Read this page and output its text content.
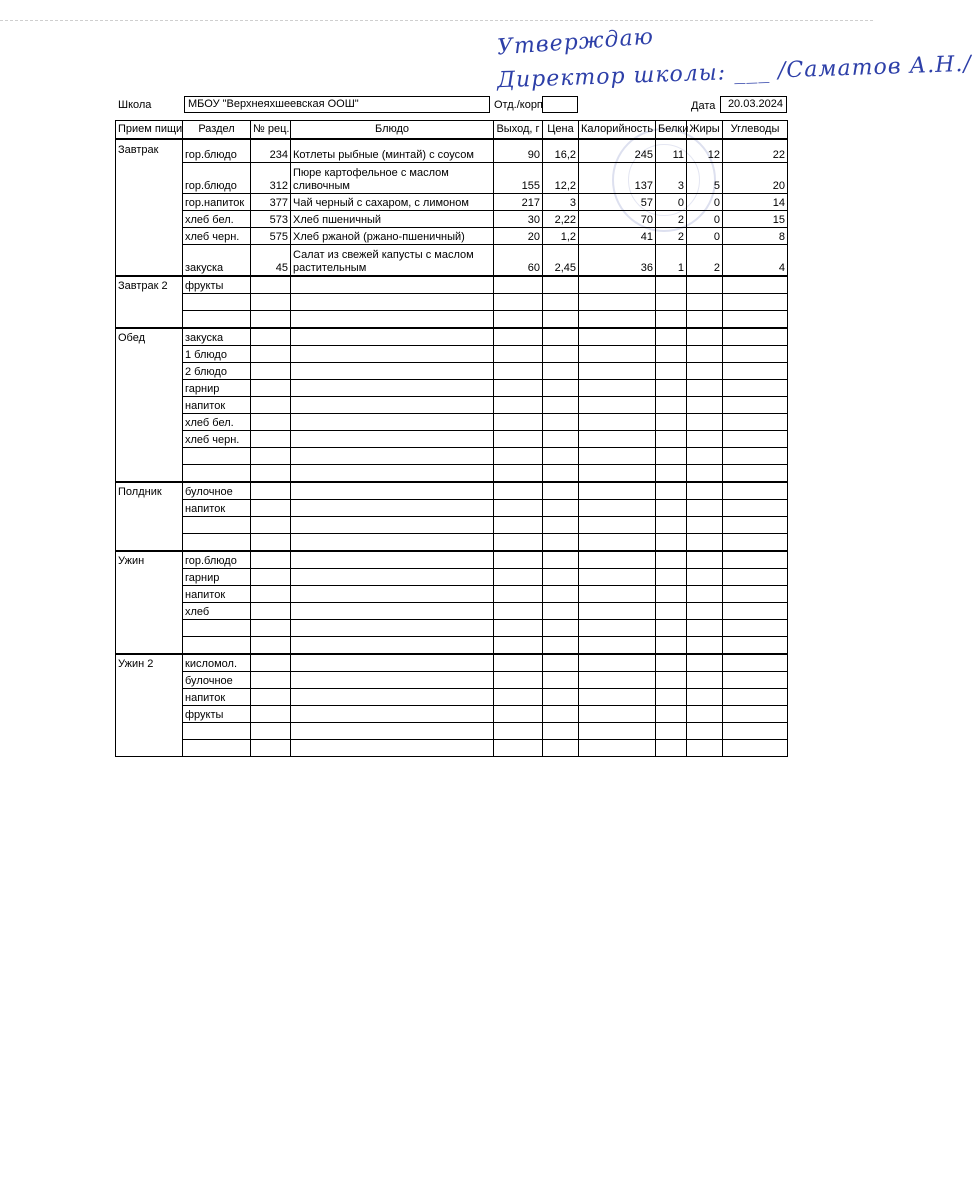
Утверждаю
Директор школы: ___ /Саматов А.Н./
Школа	МБОУ "Верхнеяхшеевская ООШ"	Отд./корп	Дата	20.03.2024
Прием пищи	Раздел	№ рец.	Блюдо	Выход, г	Цена	Калорийность	Белки	Жиры	Углеводы
Завтрак	гор.блюдо	234	Котлеты рыбные (минтай) с соусом	90	16,2	245	11	12	22
	гор.блюдо	312	Пюре картофельное с маслом сливочным	155	12,2	137	3	5	20
	гор.напиток	377	Чай черный с сахаром, с лимоном	217	3	57	0	0	14
	хлеб бел.	573	Хлеб пшеничный	30	2,22	70	2	0	15
	хлеб черн.	575	Хлеб ржаной (ржано-пшеничный)	20	1,2	41	2	0	8
	закуска	45	Салат из свежей капусты с маслом растительным	60	2,45	36	1	2	4
Завтрак 2	фрукты								

Обед	закуска								
	1 блюдо								
	2 блюдо								
	гарнир								
	напиток								
	хлеб бел.								
	хлеб черн.								

Полдник	булочное								
	напиток								

Ужин	гор.блюдо								
	гарнир								
	напиток								
	хлеб								

Ужин 2	кисломол.								
	булочное								
	напиток								
	фрукты								
